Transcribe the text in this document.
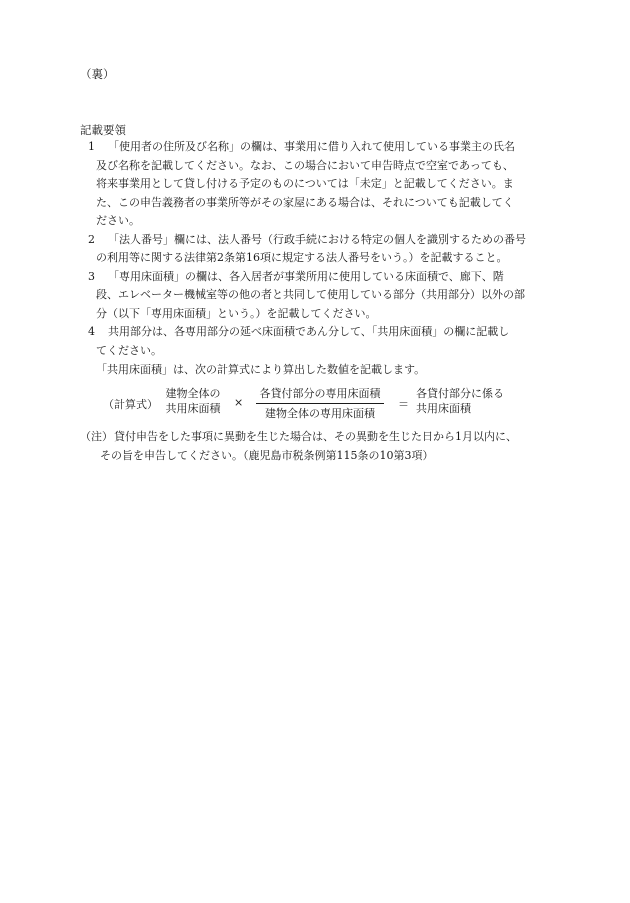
（裏）
記載要領
1	「使用者の住所及び名称」の欄は、事業用に借り入れて使用している事業主の氏名
及び名称を記載してください。なお、この場合において申告時点で空室であっても、
将来事業用として貸し付ける予定のものについては「未定」と記載してください。ま
た、この申告義務者の事業所等がその家屋にある場合は、それについても記載してく
ださい。
2	「法人番号」欄には、法人番号（行政手続における特定の個人を識別するための番号
の利用等に関する法律第2条第16項に規定する法人番号をいう。）を記載すること。
3	「専用床面積」の欄は、各入居者が事業所用に使用している床面積で、廊下、階
段、エレベーター機械室等の他の者と共同して使用している部分（共用部分）以外の部
分（以下「専用床面積」という。）を記載してください。
4	共用部分は、各専用部分の延べ床面積であん分して、「共用床面積」の欄に記載し
てください。
「共用床面積」は、次の計算式により算出した数値を記載します。
（計算式）
建物全体の
共用床面積 ×
各貸付部分の専用床面積
建物全体の専用床面積
＝
各貸付部分に係る
共用床面積
（注） 貸付申告をした事項に異動を生じた場合は、その異動を生じた日から1月以内に、
その旨を申告してください。（鹿児島市税条例第115条の10第3項）
